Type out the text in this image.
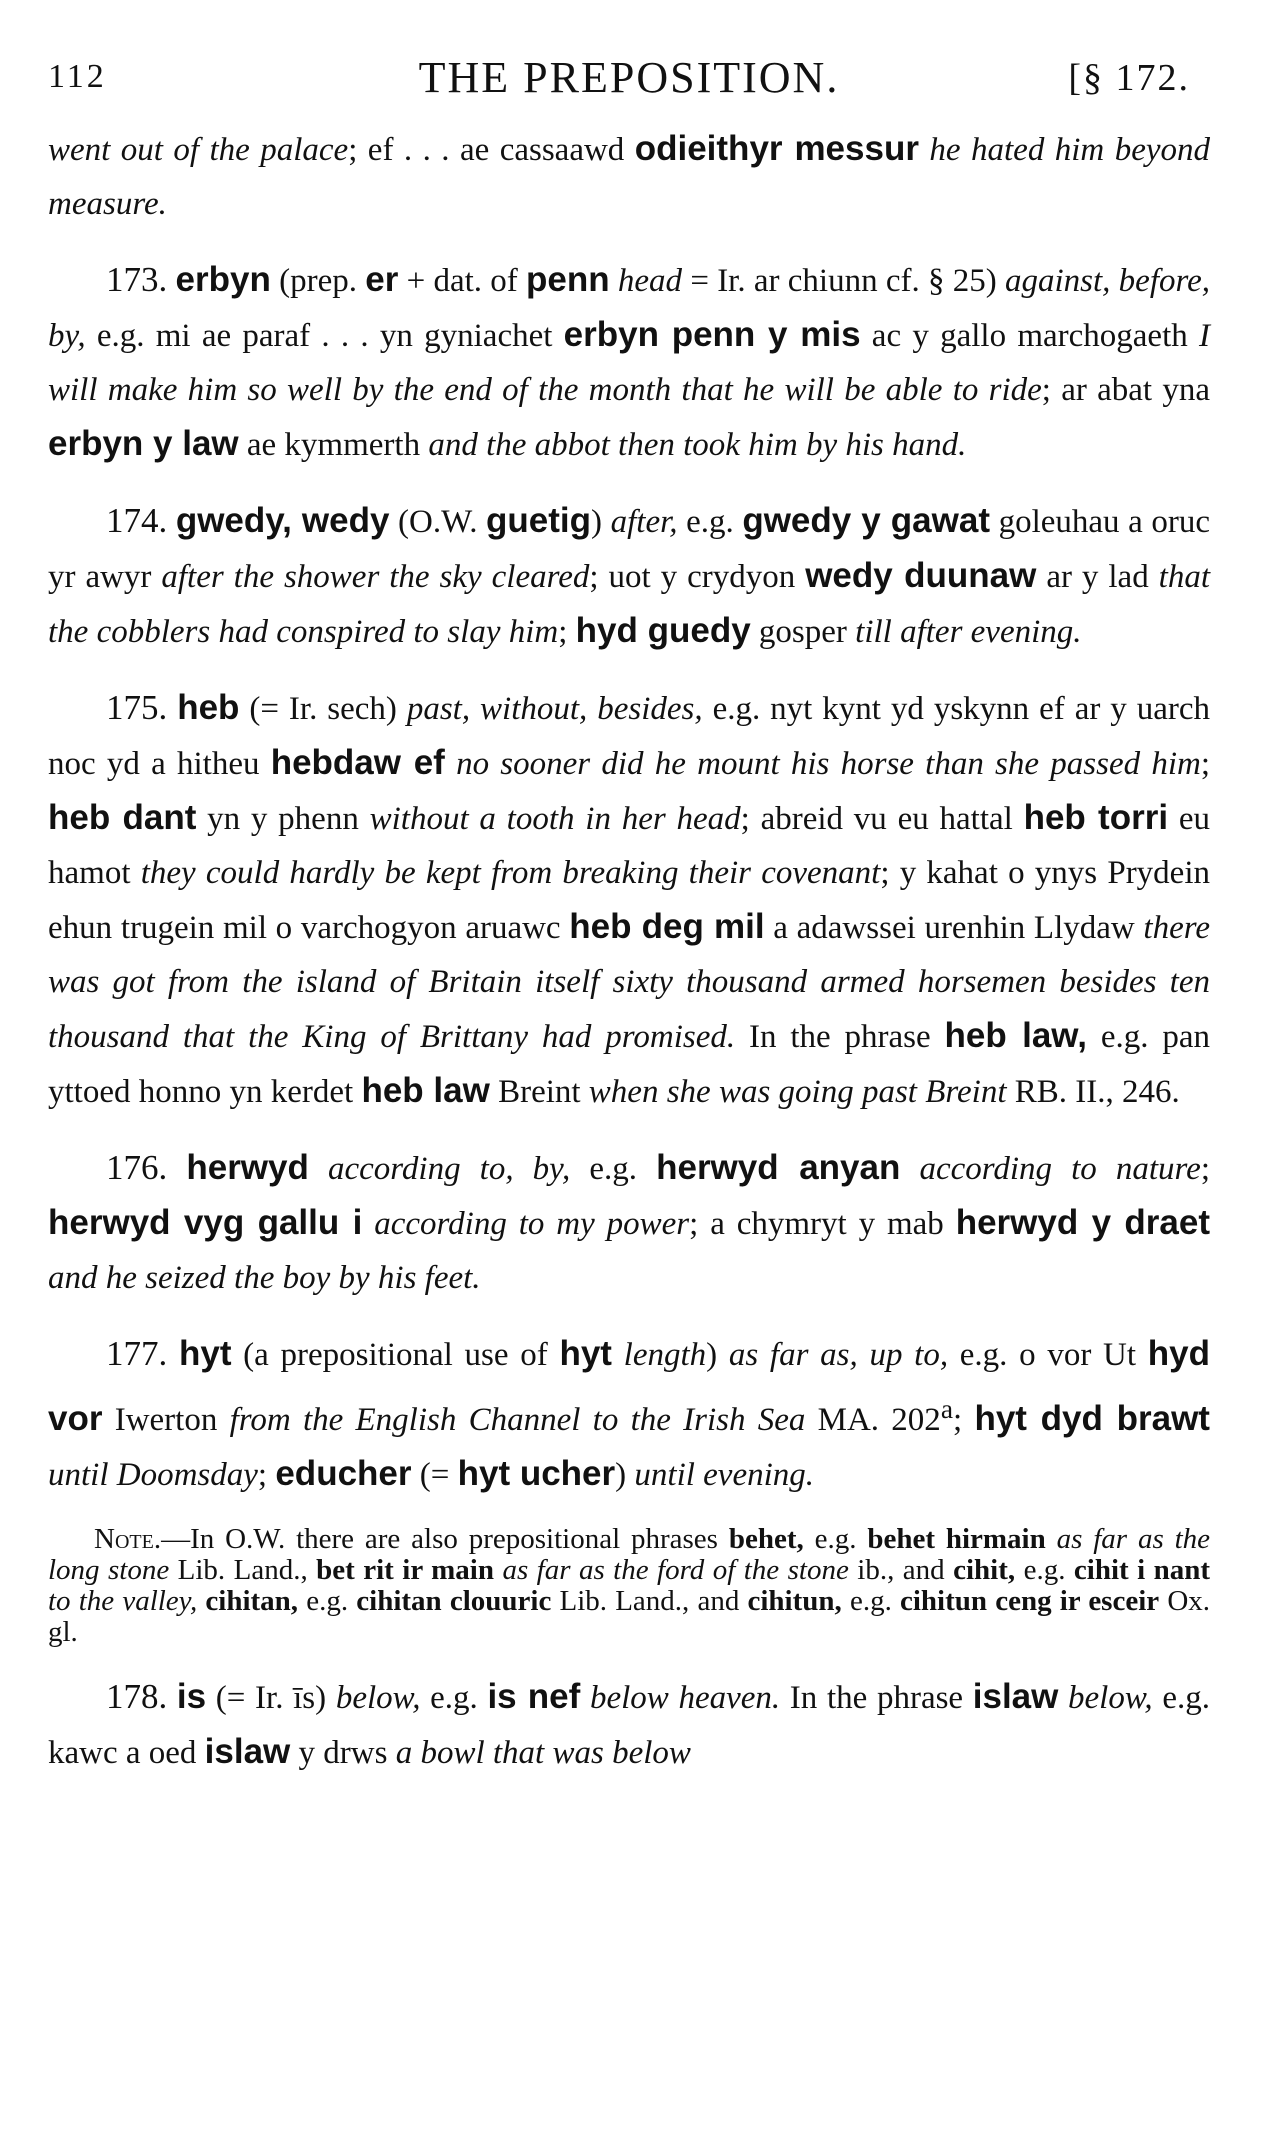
112	THE PREPOSITION.	[§ 172.

went out of the palace; ef . . . ae cassaawd odieithyr messur he hated him beyond measure.

173. erbyn (prep. er + dat. of penn head = Ir. ar chiunn cf. § 25) against, before, by, e.g. mi ae paraf . . . yn gyniachet erbyn penn y mis ac y gallo marchogaeth I will make him so well by the end of the month that he will be able to ride; ar abat yna erbyn y law ae kymmerth and the abbot then took him by his hand.

174. gwedy, wedy (O.W. guetig) after, e.g. gwedy y gawat goleuhau a oruc yr awyr after the shower the sky cleared; uot y crydyon wedy duunaw ar y lad that the cobblers had conspired to slay him; hyd guedy gosper till after evening.

175. heb (= Ir. sech) past, without, besides, e.g. nyt kynt yd yskynn ef ar y uarch noc yd a hitheu hebdaw ef no sooner did he mount his horse than she passed him; heb dant yn y phenn without a tooth in her head; abreid vu eu hattal heb torri eu hamot they could hardly be kept from breaking their covenant; y kahat o ynys Prydein ehun trugein mil o varchogyon aruawc heb deg mil a adawssei urenhin Llydaw there was got from the island of Britain itself sixty thousand armed horsemen besides ten thousand that the King of Brittany had promised. In the phrase heb law, e.g. pan yttoed honno yn kerdet heb law Breint when she was going past Breint RB. II., 246.

176. herwyd according to, by, e.g. herwyd anyan according to nature; herwyd vyg gallu i according to my power; a chymryt y mab herwyd y draet and he seized the boy by his feet.

177. hyt (a prepositional use of hyt length) as far as, up to, e.g. o vor Ut hyd vor Iwerton from the English Channel to the Irish Sea MA. 202$^a$; hyt dyd brawt until Doomsday; educher (= hyt ucher) until evening.

Note.—In O.W. there are also prepositional phrases behet, e.g. behet hirmain as far as the long stone Lib. Land., bet rit ir main as far as the ford of the stone ib., and cihit, e.g. cihit i nant to the valley, cihitan, e.g. cihitan clouuric Lib. Land., and cihitun, e.g. cihitun ceng ir esceir Ox. gl.

178. is (= Ir. īs) below, e.g. is nef below heaven. In the phrase islaw below, e.g. kawc a oed islaw y drws a bowl that was below
